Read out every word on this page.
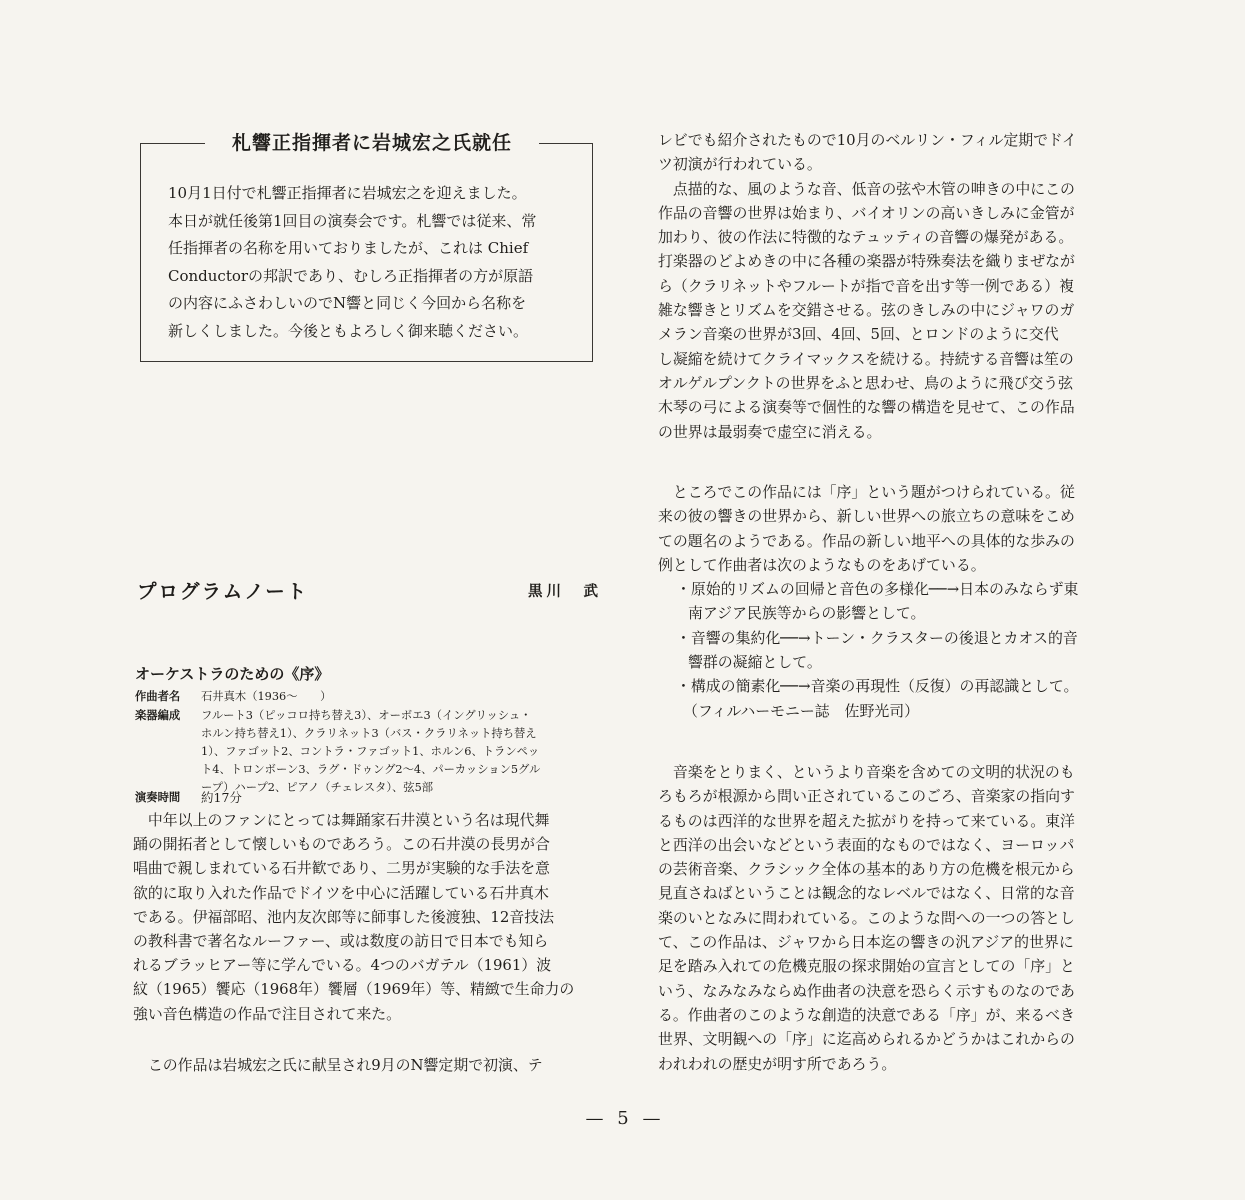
札響正指揮者に岩城宏之氏就任

10月1日付で札響正指揮者に岩城宏之を迎えました。

本日が就任後第1回目の演奏会です。札響では従来、常

任指揮者の名称を用いておりましたが、これは Chief

Conductorの邦訳であり、むしろ正指揮者の方が原語

の内容にふさわしいのでN響と同じく今回から名称を

新しくしました。今後ともよろしく御来聴ください。

プログラムノート	黒川　武
オーケストラのための《序》
作曲者名	石井真木（1936～　　）
楽器編成	フルート3（ピッコロ持ち替え3）、オーボエ3（イングリッシュ・
ホルン持ち替え1）、クラリネット3（バス・クラリネット持ち替え
1）、ファゴット2、コントラ・ファゴット1、ホルン6、トランペッ
ト4、トロンボーン3、ラグ・ドゥング2～4、パーカッション5グル
ープ）ハープ2、ピアノ（チェレスタ）、弦5部
演奏時間	約17分

　中年以上のファンにとっては舞踊家石井漠という名は現代舞

踊の開拓者として懐しいものであろう。この石井漠の長男が合

唱曲で親しまれている石井歓であり、二男が実験的な手法を意

欲的に取り入れた作品でドイツを中心に活躍している石井真木

である。伊福部昭、池内友次郎等に師事した後渡独、12音技法

の教科書で著名なルーファー、或は数度の訪日で日本でも知ら

れるブラッヒアー等に学んでいる。4つのバガテル（1961）波

紋（1965）饗応（1968年）饗層（1969年）等、精緻で生命力の

強い音色構造の作品で注目されて来た。

　この作品は岩城宏之氏に献呈され9月のN響定期で初演、テ

レビでも紹介されたもので10月のベルリン・フィル定期でドイ

ツ初演が行われている。

　点描的な、風のような音、低音の弦や木管の呻きの中にこの

作品の音響の世界は始まり、バイオリンの高いきしみに金管が

加わり、彼の作法に特徴的なテュッティの音響の爆発がある。

打楽器のどよめきの中に各種の楽器が特殊奏法を織りまぜなが

ら（クラリネットやフルートが指で音を出す等一例である）複

雑な響きとリズムを交錯させる。弦のきしみの中にジャワのガ

メラン音楽の世界が3回、4回、5回、とロンドのように交代

し凝縮を続けてクライマックスを続ける。持続する音響は笙の

オルゲルプンクトの世界をふと思わせ、鳥のように飛び交う弦

木琴の弓による演奏等で個性的な響の構造を見せて、この作品

の世界は最弱奏で虚空に消える。

　ところでこの作品には「序」という題がつけられている。従

来の彼の響きの世界から、新しい世界への旅立ちの意味をこめ

ての題名のようである。作品の新しい地平への具体的な歩みの

例として作曲者は次のようなものをあげている。

・原始的リズムの回帰と音色の多様化──→日本のみならず東

南アジア民族等からの影響として。

・音響の集約化──→トーン・クラスターの後退とカオス的音

響群の凝縮として。

・構成の簡素化──→音楽の再現性（反復）の再認識として。

（フィルハーモニー誌　佐野光司）

　音楽をとりまく、というより音楽を含めての文明的状況のも

ろもろが根源から問い正されているこのごろ、音楽家の指向す

るものは西洋的な世界を超えた拡がりを持って来ている。東洋

と西洋の出会いなどという表面的なものではなく、ヨーロッパ

の芸術音楽、クラシック全体の基本的あり方の危機を根元から

見直さねばということは観念的なレベルではなく、日常的な音

楽のいとなみに問われている。このような問への一つの答とし

て、この作品は、ジャワから日本迄の響きの汎アジア的世界に

足を踏み入れての危機克服の探求開始の宣言としての「序」と

いう、なみなみならぬ作曲者の決意を恐らく示すものなのであ

る。作曲者のこのような創造的決意である「序」が、来るべき

世界、文明観への「序」に迄高められるかどうかはこれからの

われわれの歴史が明す所であろう。

— 5 —
